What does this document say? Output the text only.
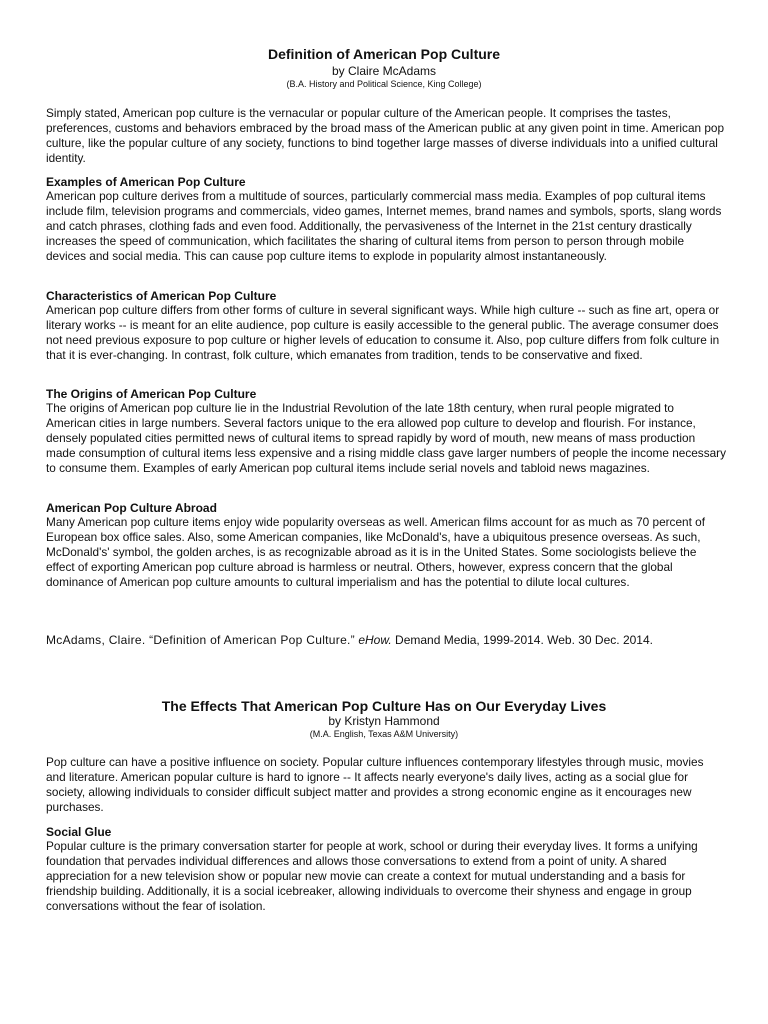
Definition of American Pop Culture
by Claire McAdams
(B.A. History and Political Science, King College)

Simply stated, American pop culture is the vernacular or popular culture of the American people. It comprises the tastes, preferences, customs and behaviors embraced by the broad mass of the American public at any given point in time. American pop culture, like the popular culture of any society, functions to bind together large masses of diverse individuals into a unified cultural identity.

Examples of American Pop Culture

American pop culture derives from a multitude of sources, particularly commercial mass media. Examples of pop cultural items include film, television programs and commercials, video games, Internet memes, brand names and symbols, sports, slang words and catch phrases, clothing fads and even food. Additionally, the pervasiveness of the Internet in the 21st century drastically increases the speed of communication, which facilitates the sharing of cultural items from person to person through mobile devices and social media. This can cause pop culture items to explode in popularity almost instantaneously.

Characteristics of American Pop Culture

American pop culture differs from other forms of culture in several significant ways. While high culture -- such as fine art, opera or literary works -- is meant for an elite audience, pop culture is easily accessible to the general public. The average consumer does not need previous exposure to pop culture or higher levels of education to consume it. Also, pop culture differs from folk culture in that it is ever-changing. In contrast, folk culture, which emanates from tradition, tends to be conservative and fixed.

The Origins of American Pop Culture

The origins of American pop culture lie in the Industrial Revolution of the late 18th century, when rural people migrated to American cities in large numbers. Several factors unique to the era allowed pop culture to develop and flourish. For instance, densely populated cities permitted news of cultural items to spread rapidly by word of mouth, new means of mass production made consumption of cultural items less expensive and a rising middle class gave larger numbers of people the income necessary to consume them. Examples of early American pop cultural items include serial novels and tabloid news magazines.

American Pop Culture Abroad

Many American pop culture items enjoy wide popularity overseas as well. American films account for as much as 70 percent of European box office sales. Also, some American companies, like McDonald's, have a ubiquitous presence overseas. As such, McDonald's' symbol, the golden arches, is as recognizable abroad as it is in the United States. Some sociologists believe the effect of exporting American pop culture abroad is harmless or neutral. Others, however, express concern that the global dominance of American pop culture amounts to cultural imperialism and has the potential to dilute local cultures.

McAdams, Claire. “Definition of American Pop Culture.” eHow. Demand Media, 1999-2014. Web. 30 Dec. 2014.
The Effects That American Pop Culture Has on Our Everyday Lives
by Kristyn Hammond
(M.A. English, Texas A&M University)

Pop culture can have a positive influence on society. Popular culture influences contemporary lifestyles through music, movies and literature. American popular culture is hard to ignore -- It affects nearly everyone's daily lives, acting as a social glue for society, allowing individuals to consider difficult subject matter and provides a strong economic engine as it encourages new purchases.

Social Glue

Popular culture is the primary conversation starter for people at work, school or during their everyday lives. It forms a unifying foundation that pervades individual differences and allows those conversations to extend from a point of unity. A shared appreciation for a new television show or popular new movie can create a context for mutual understanding and a basis for friendship building. Additionally, it is a social icebreaker, allowing individuals to overcome their shyness and engage in group conversations without the fear of isolation.
